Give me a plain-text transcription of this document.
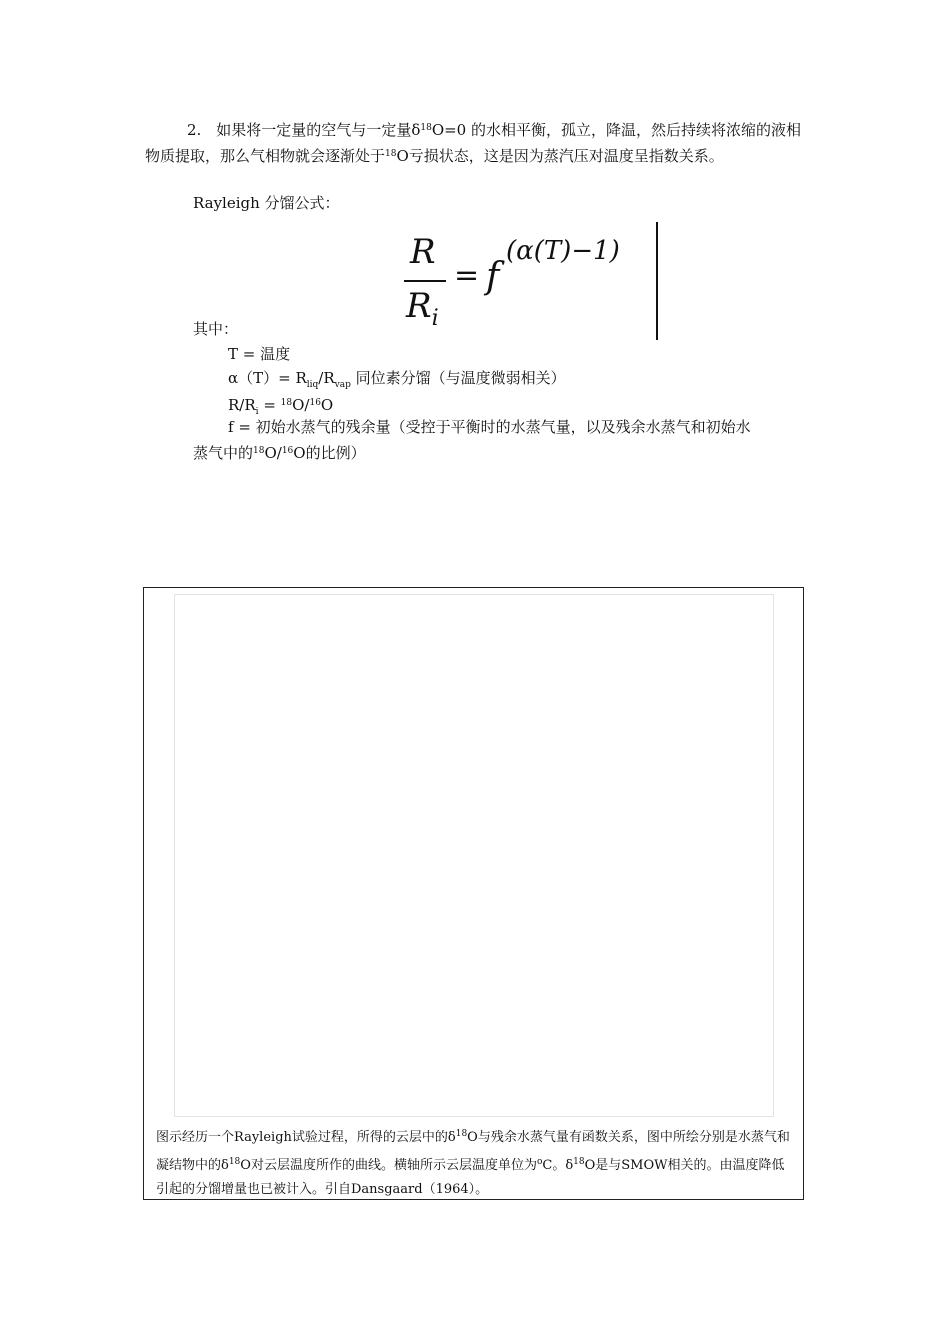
2.　如果将一定量的空气与一定量$\delta^{18}O=0$ 的水相平衡，孤立，降温，然后持续将浓缩的液相物质提取，那么气相物就会逐渐处于$^{18}$O亏损状态，这是因为蒸汽压对温度呈指数关系。
Rayleigh 分馏公式：
R
$R_i$
= f
(α(T)−1)
其中：
T = 温度
$\alpha(T)= R_{liq}/R_{vap}$ 同位素分馏（与温度微弱相关）
$R/R_i = ^{18}O/^{16}O$
f = 初始水蒸气的残余量（受控于平衡时的水蒸气量，以及残余水蒸气和初始水
蒸气中的$^{18}$O/$^{16}$O的比例）
图示经历一个Rayleigh试验过程，所得的云层中的$\delta^{18}O$与残余水蒸气量有函数关系，图中所绘分别是水蒸气和凝结物中的$\delta^{18}O$对云层温度所作的曲线。横轴所示云层温度单位为$^o$C。$\delta^{18}O$是与SMOW相关的。由温度降低引起的分馏增量也已被计入。引自Dansgaard（1964）。
